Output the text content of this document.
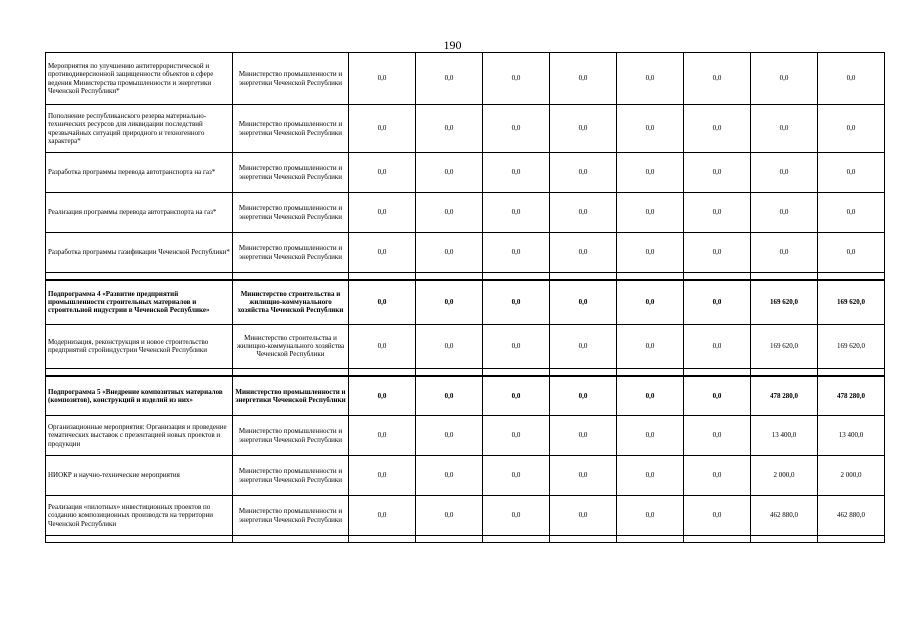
190
Мероприятия по улучшению антитеррористической и противодиверсионной защищенности объектов в сфере ведения Министерства промышленности и энергетики Чеченской Республики*	Министерство промышленности и энергетики Чеченской Республики	0,0	0,0	0,0	0,0	0,0	0,0	0,0	0,0
Пополнение республиканского резерва материально-технических ресурсов для ликвидации последствий чрезвычайных ситуаций природного и техногенного характера*	Министерство промышленности и энергетики Чеченской Республики	0,0	0,0	0,0	0,0	0,0	0,0	0,0	0,0
Разработка программы перевода автотранспорта на газ*	Министерство промышленности и энергетики Чеченской Республики	0,0	0,0	0,0	0,0	0,0	0,0	0,0	0,0
Реализация программы перевода автотранспорта на газ*	Министерство промышленности и энергетики Чеченской Республики	0,0	0,0	0,0	0,0	0,0	0,0	0,0	0,0
Разработка программы газификации Чеченской Республики*	Министерство промышленности и энергетики Чеченской Республики	0,0	0,0	0,0	0,0	0,0	0,0	0,0	0,0

Подпрограмма 4 «Развитие предприятий промышленности строительных материалов и строительной индустрии в Чеченской Республике»	Министерство строительства и жилищно-коммунального хозяйства Чеченской Республики	0,0	0,0	0,0	0,0	0,0	0,0	169 620,0	169 620,0
Модернизация, реконструкция и новое строительство предприятий стройиндустрии Чеченской Республики	Министерство строительства и жилищно-коммунального хозяйства Чеченской Республики	0,0	0,0	0,0	0,0	0,0	0,0	169 620,0	169 620,0

Подпрограмма 5 «Внедрение композитных материалов (композитов), конструкций и изделий из них»	Министерство промышленности и энергетики Чеченской Республики	0,0	0,0	0,0	0,0	0,0	0,0	478 280,0	478 280,0
Организационные мероприятия: Организация и проведение тематических выставок с презентацией новых проектов и продукции	Министерство промышленности и энергетики Чеченской Республики	0,0	0,0	0,0	0,0	0,0	0,0	13 400,0	13 400,0
НИОКР и научно-технические мероприятия	Министерство промышленности и энергетики Чеченской Республики	0,0	0,0	0,0	0,0	0,0	0,0	2 000,0	2 000,0
Реализация «пилотных» инвестиционных проектов по созданию композиционных производств на территории Чеченской Республики	Министерство промышленности и энергетики Чеченской Республики	0,0	0,0	0,0	0,0	0,0	0,0	462 880,0	462 880,0
